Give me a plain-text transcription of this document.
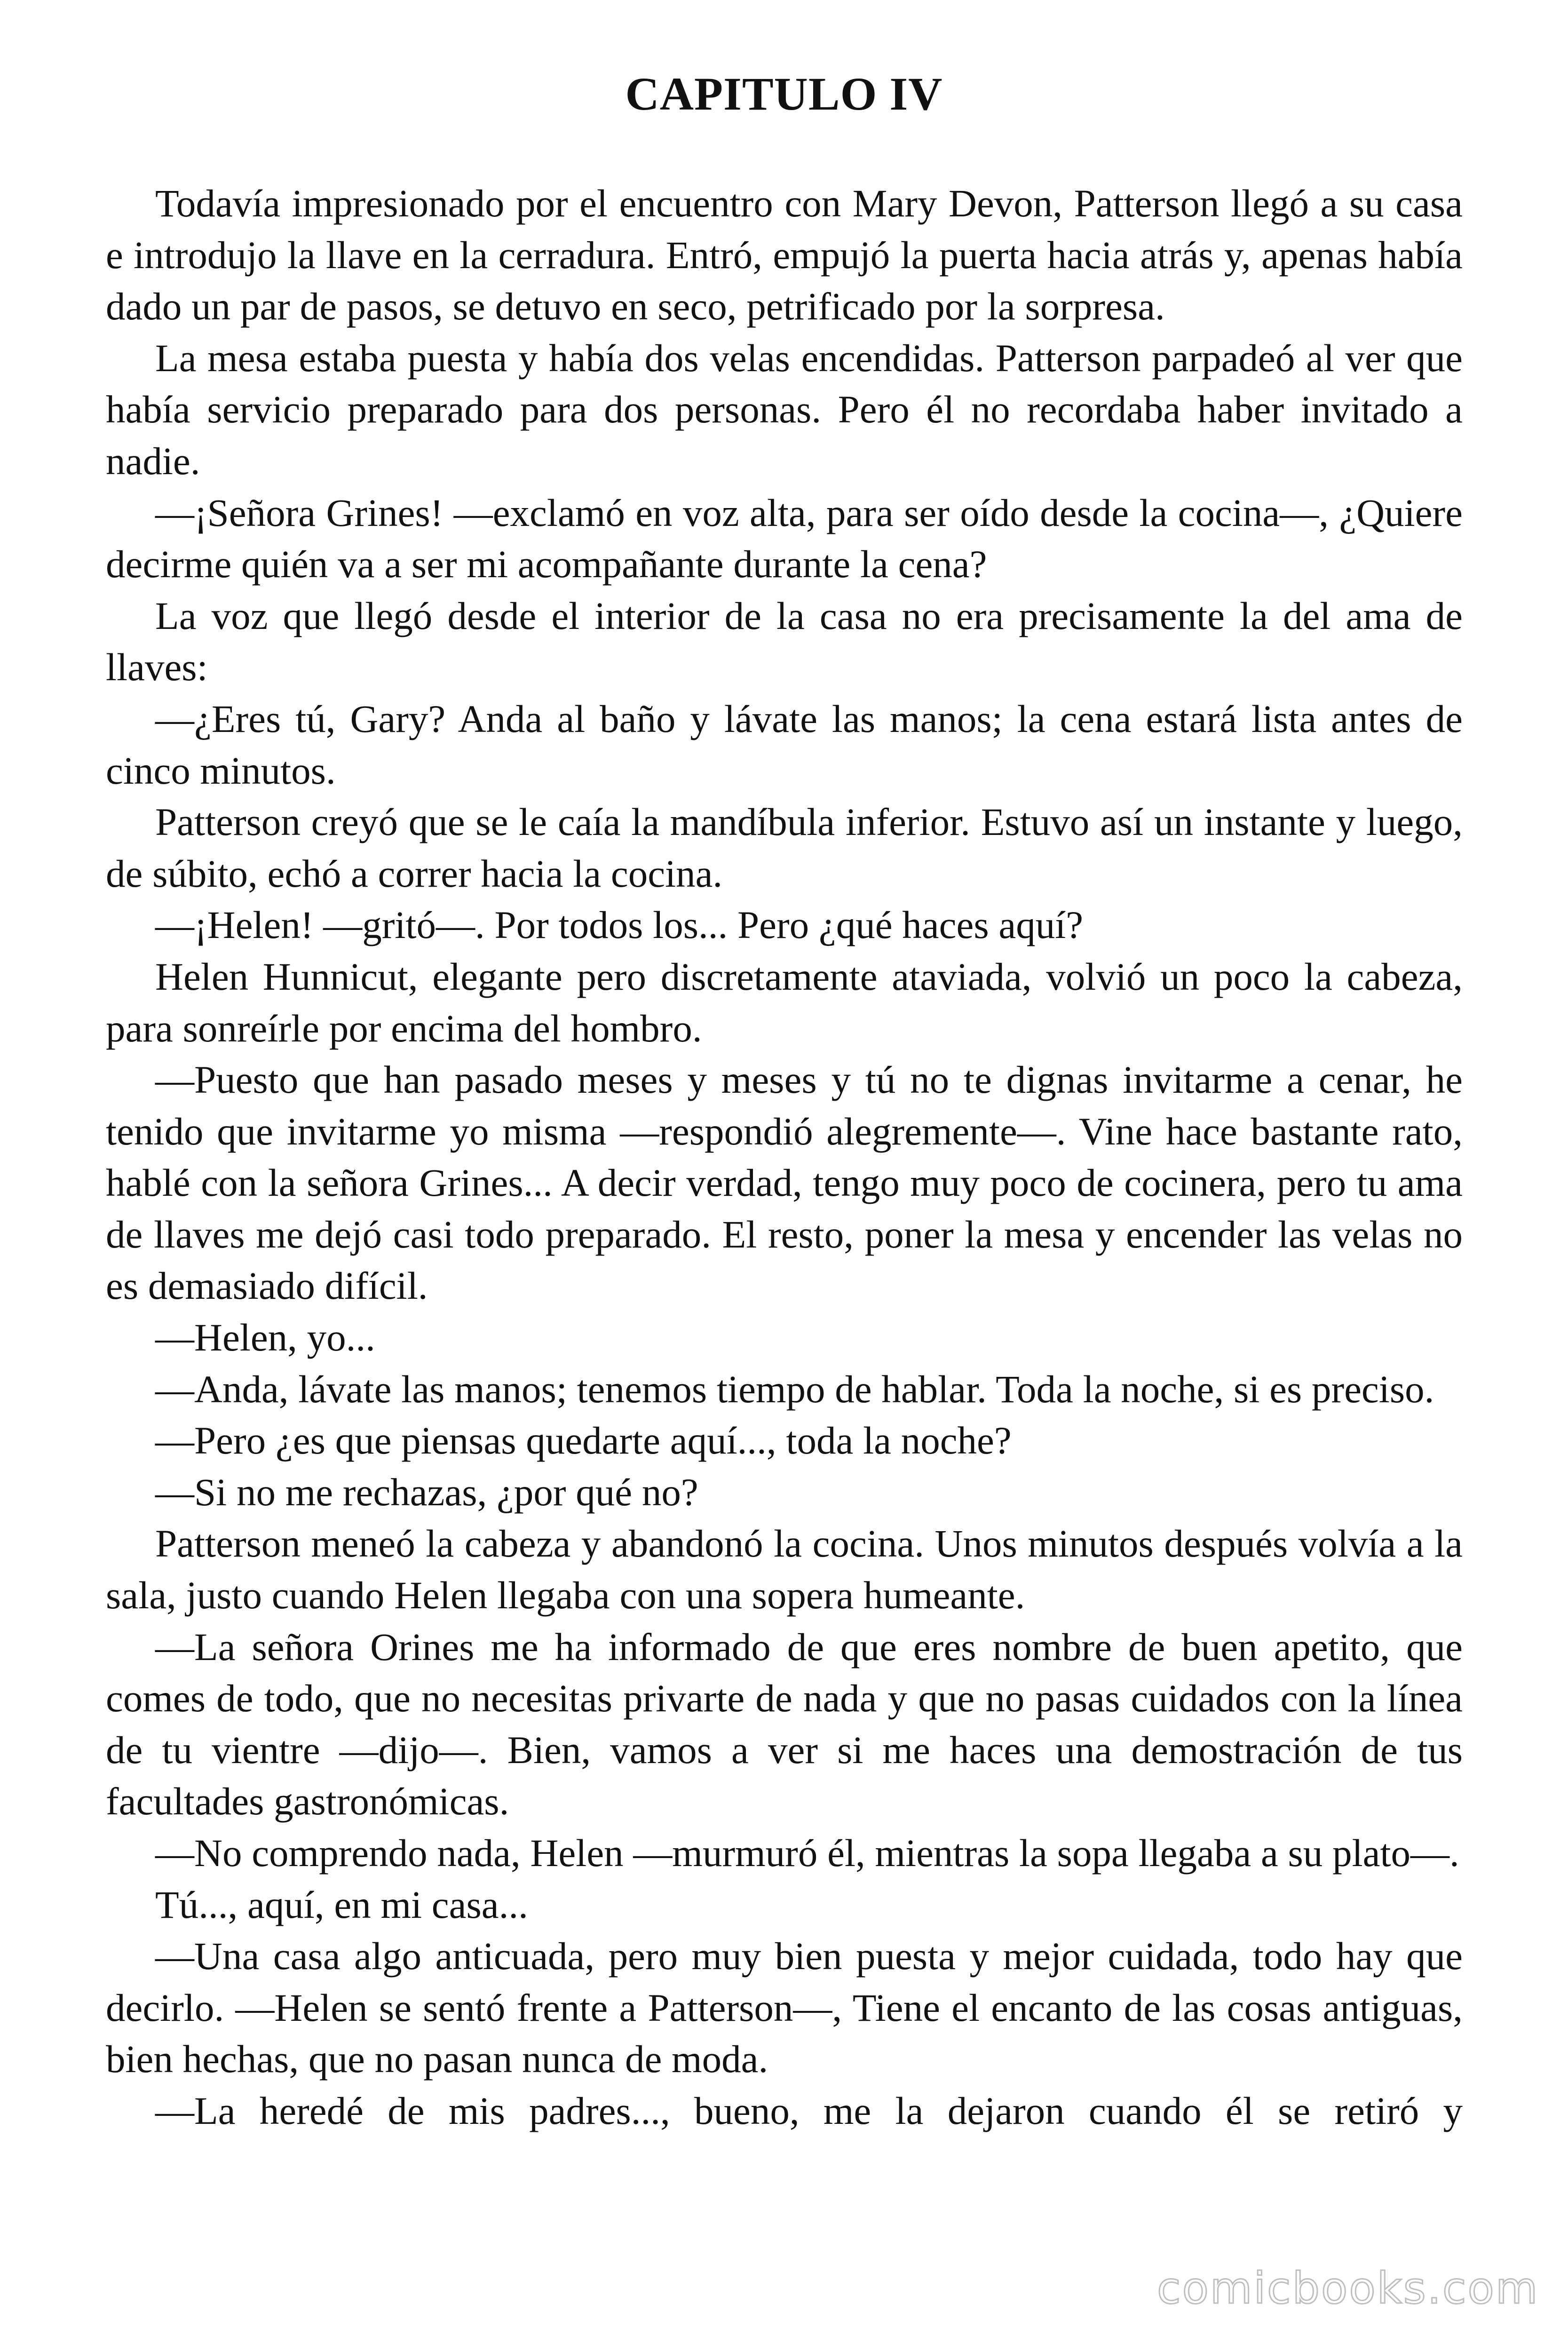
CAPITULO IV

Todavía impresionado por el encuentro con Mary Devon, Patterson llegó a su casa e introdujo la llave en la cerradura. Entró, empujó la puerta hacia atrás y, apenas había dado un par de pasos, se detuvo en seco, petrificado por la sorpresa.

La mesa estaba puesta y había dos velas encendidas. Patterson parpadeó al ver que había servicio preparado para dos personas. Pero él no recordaba haber invitado a nadie.

—¡Señora Grines! —exclamó en voz alta, para ser oído desde la cocina—, ¿Quiere decirme quién va a ser mi acompañante durante la cena?

La voz que llegó desde el interior de la casa no era precisamente la del ama de llaves:

—¿Eres tú, Gary? Anda al baño y lávate las manos; la cena estará lista antes de cinco minutos.

Patterson creyó que se le caía la mandíbula inferior. Estuvo así un instante y luego, de súbito, echó a correr hacia la cocina.

—¡Helen! —gritó—. Por todos los... Pero ¿qué haces aquí?

Helen Hunnicut, elegante pero discretamente ataviada, volvió un poco la cabeza, para sonreírle por encima del hombro.

—Puesto que han pasado meses y meses y tú no te dignas invitarme a cenar, he tenido que invitarme yo misma —respondió alegremente—. Vine hace bastante rato, hablé con la señora Grines... A decir verdad, tengo muy poco de cocinera, pero tu ama de llaves me dejó casi todo preparado. El resto, poner la mesa y encender las velas no es demasiado difícil.

—Helen, yo...

—Anda, lávate las manos; tenemos tiempo de hablar. Toda la noche, si es preciso.

—Pero ¿es que piensas quedarte aquí..., toda la noche?

—Si no me rechazas, ¿por qué no?

Patterson meneó la cabeza y abandonó la cocina. Unos minutos después volvía a la sala, justo cuando Helen llegaba con una sopera humeante.

—La señora Orines me ha informado de que eres nombre de buen apetito, que comes de todo, que no necesitas privarte de nada y que no pasas cuidados con la línea de tu vientre —dijo—. Bien, vamos a ver si me haces una demostración de tus facultades gastronómicas.

—No comprendo nada, Helen —murmuró él, mientras la sopa llegaba a su plato—.

Tú..., aquí, en mi casa...

—Una casa algo anticuada, pero muy bien puesta y mejor cuidada, todo hay que decirlo. —Helen se sentó frente a Patterson—, Tiene el encanto de las cosas antiguas, bien hechas, que no pasan nunca de moda.

—La heredé de mis padres..., bueno, me la dejaron cuando él se retiró y

comicbooks.com
